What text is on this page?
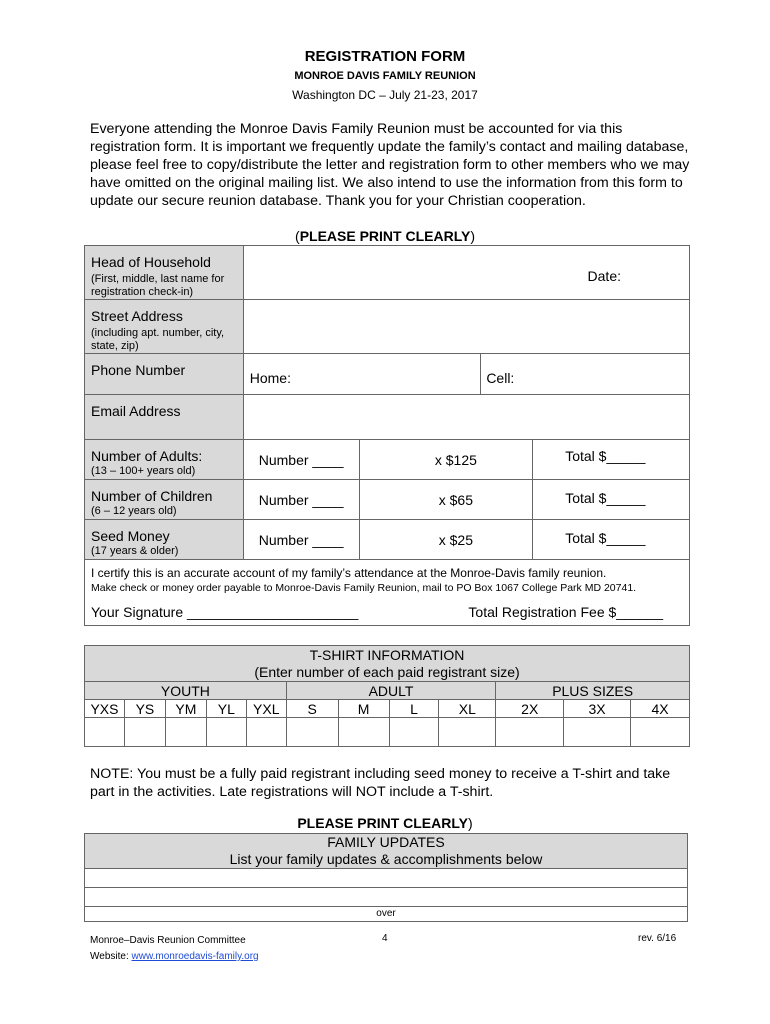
REGISTRATION FORM
MONROE DAVIS FAMILY REUNION
Washington DC – July 21-23, 2017
Everyone attending the Monroe Davis Family Reunion must be accounted for via this registration form. It is important we frequently update the family’s contact and mailing database, please feel free to copy/distribute the letter and registration form to other members who we may have omitted on the original mailing list. We also intend to use the information from this form to update our secure reunion database. Thank you for your Christian cooperation.
(PLEASE PRINT CLEARLY)
Head of Household
(First, middle, last name for registration check-in)	Date:			

Street Address
(including apt. number, city, state, zip)				

Phone Number	Home:		Cell:	

Email Address				

Number of Adults:
(13 – 100+ years old)	Number ____	x $125		Total $_____

Number of Children
(6 – 12 years old)	Number ____	x $65		Total $_____

Seed Money
(17 years & older)	Number ____	x $25		Total $_____

I certify this is an accurate account of my family’s attendance at the Monroe-Davis family reunion.
Make check or money order payable to Monroe-Davis Family Reunion, mail to PO Box 1067 College Park MD 20741.
Your Signature ______________________ Total Registration Fee $______				
T-SHIRT INFORMATION
(Enter number of each paid registrant size)											

YOUTH					ADULT				PLUS SIZES		
YXS	YS	YM	YL	YXL	S	M	L	XL	2X	3X	4X

NOTE: You must be a fully paid registrant including seed money to receive a T-shirt and take part in the activities. Late registrations will NOT include a T-shirt.
PLEASE PRINT CLEARLY)
FAMILY UPDATES
List your family updates & accomplishments below

over
Monroe–Davis Reunion Committee
Website: www.monroedavis-family.org
4	rev. 6/16
